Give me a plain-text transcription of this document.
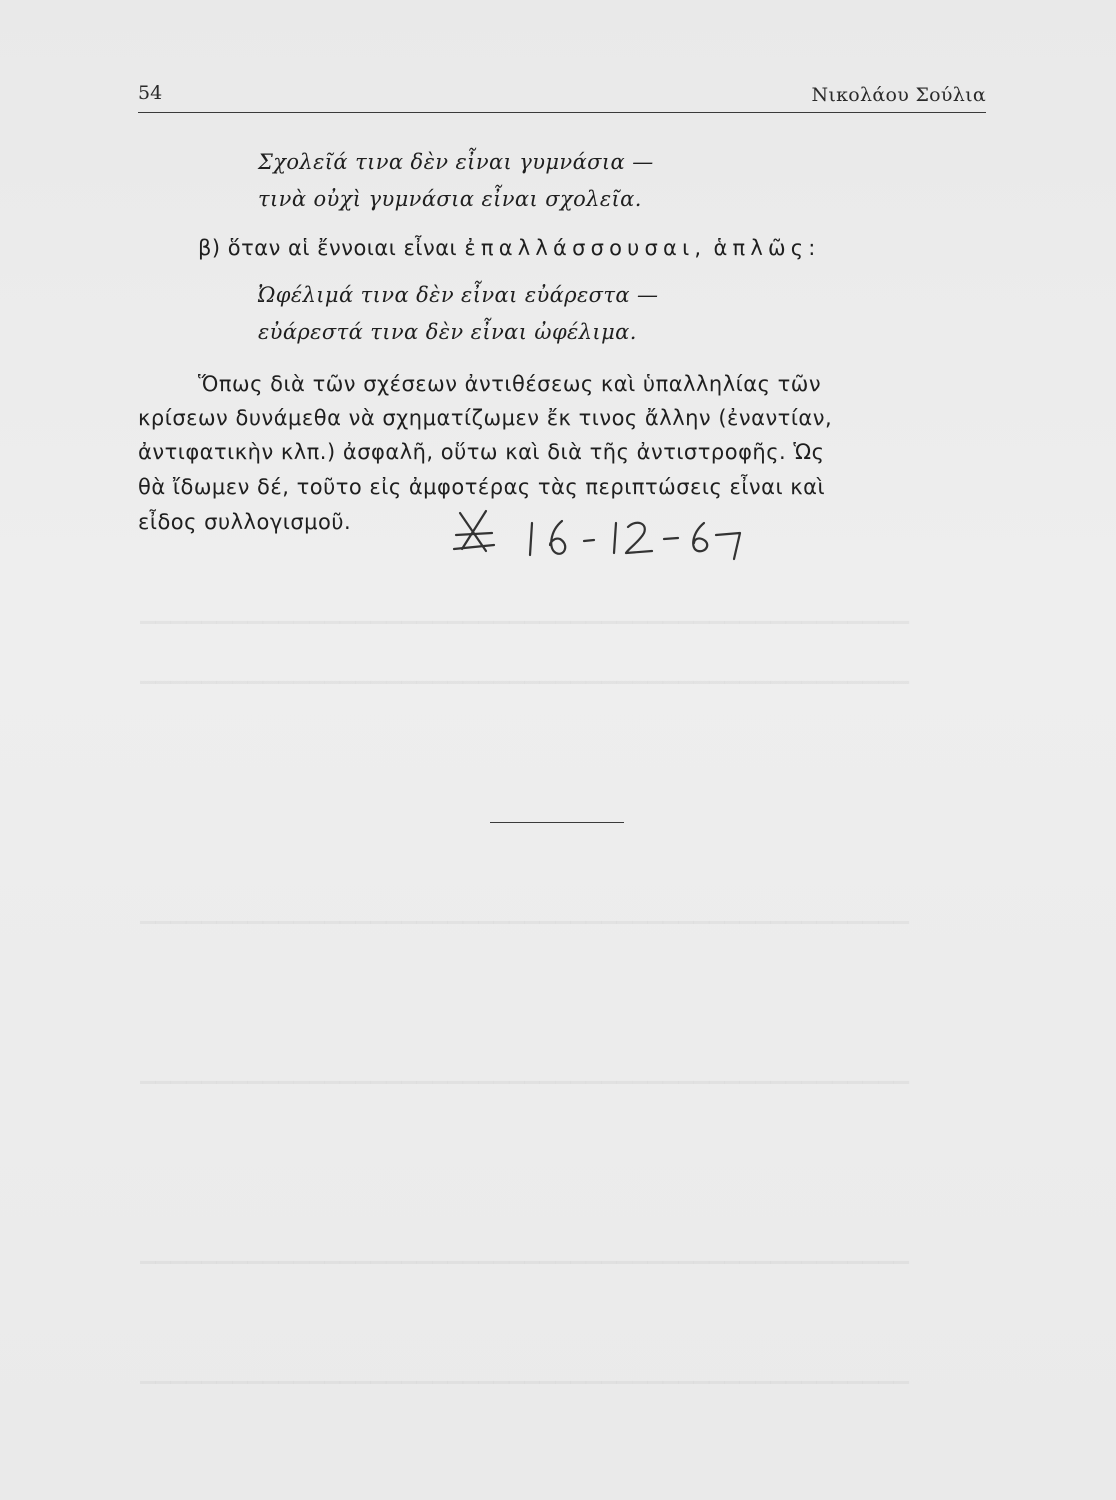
54	Νικολάου Σούλια
Σχολεῖά τινα δὲν εἶναι γυμνάσια —
τινὰ οὐχὶ γυμνάσια εἶναι σχολεῖα.
β) ὅταν αἱ ἔννοιαι εἶναι ἐπαλλάσσουσαι, ἁπλῶς:
Ὠφέλιμά τινα δὲν εἶναι εὐάρεστα —
εὐάρεστά τινα δὲν εἶναι ὠφέλιμα.
Ὅπως διὰ τῶν σχέσεων ἀντιθέσεως καὶ ὑπαλληλίας τῶν
κρίσεων δυνάμεθα νὰ σχηματίζωμεν ἔκ τινος ἄλλην (ἐναντίαν,
ἀντιφατικὴν κλπ.) ἀσφαλῆ, οὕτω καὶ διὰ τῆς ἀντιστροφῆς. Ὡς
θὰ ἴδωμεν δέ, τοῦτο εἰς ἀμφοτέρας τὰς περιπτώσεις εἶναι καὶ
εἶδος συλλογισμοῦ.
